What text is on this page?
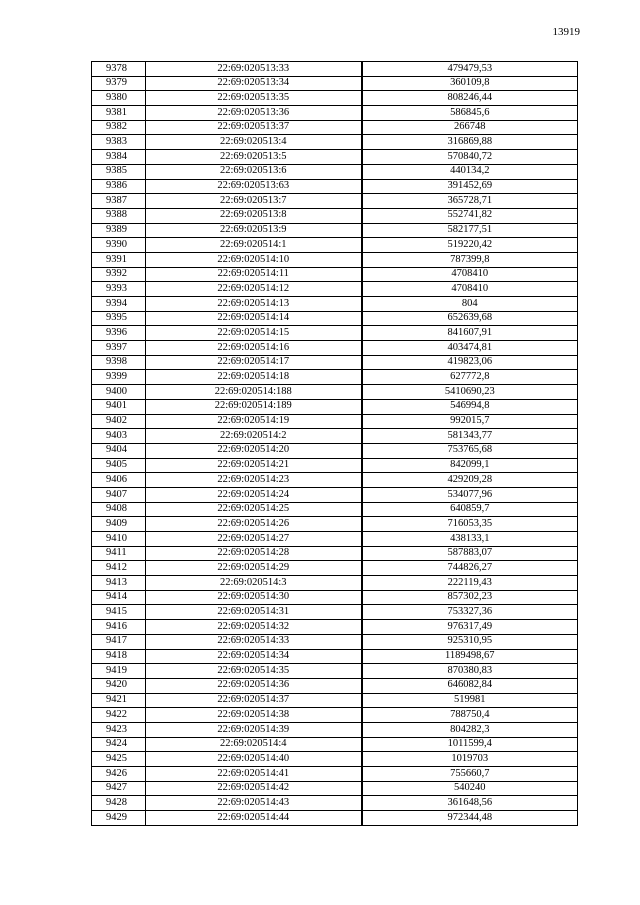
13919
9378	22:69:020513:33	479479,53
9379	22:69:020513:34	360109,8
9380	22:69:020513:35	808246,44
9381	22:69:020513:36	586845,6
9382	22:69:020513:37	266748
9383	22:69:020513:4	316869,88
9384	22:69:020513:5	570840,72
9385	22:69:020513:6	440134,2
9386	22:69:020513:63	391452,69
9387	22:69:020513:7	365728,71
9388	22:69:020513:8	552741,82
9389	22:69:020513:9	582177,51
9390	22:69:020514:1	519220,42
9391	22:69:020514:10	787399,8
9392	22:69:020514:11	4708410
9393	22:69:020514:12	4708410
9394	22:69:020514:13	804
9395	22:69:020514:14	652639,68
9396	22:69:020514:15	841607,91
9397	22:69:020514:16	403474,81
9398	22:69:020514:17	419823,06
9399	22:69:020514:18	627772,8
9400	22:69:020514:188	5410690,23
9401	22:69:020514:189	546994,8
9402	22:69:020514:19	992015,7
9403	22:69:020514:2	581343,77
9404	22:69:020514:20	753765,68
9405	22:69:020514:21	842099,1
9406	22:69:020514:23	429209,28
9407	22:69:020514:24	534077,96
9408	22:69:020514:25	640859,7
9409	22:69:020514:26	716053,35
9410	22:69:020514:27	438133,1
9411	22:69:020514:28	587883,07
9412	22:69:020514:29	744826,27
9413	22:69:020514:3	222119,43
9414	22:69:020514:30	857302,23
9415	22:69:020514:31	753327,36
9416	22:69:020514:32	976317,49
9417	22:69:020514:33	925310,95
9418	22:69:020514:34	1189498,67
9419	22:69:020514:35	870380,83
9420	22:69:020514:36	646082,84
9421	22:69:020514:37	519981
9422	22:69:020514:38	788750,4
9423	22:69:020514:39	804282,3
9424	22:69:020514:4	1011599,4
9425	22:69:020514:40	1019703
9426	22:69:020514:41	755660,7
9427	22:69:020514:42	540240
9428	22:69:020514:43	361648,56
9429	22:69:020514:44	972344,48
